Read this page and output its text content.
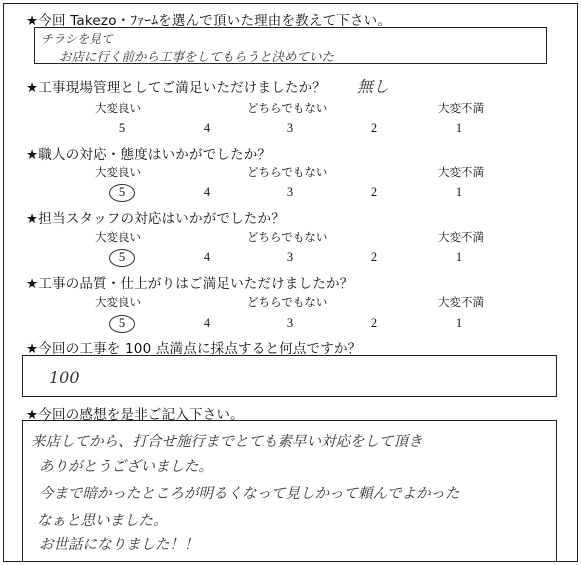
★今回 Takezo・ﾌｧｰﾑを選んで頂いた理由を教えて下さい。
チラシを見て
お店に行く前から工事をしてもらうと決めていた
★工事現場管理としてご満足いただけましたか？ 無し
大変良い	どちらでもない	大変不満
5	4	3	2	1
★職人の対応・態度はいかがでしたか？
大変良い	どちらでもない	大変不満
5	4	3	2	1
★担当スタッフの対応はいかがでしたか？
大変良い	どちらでもない	大変不満
5	4	3	2	1
★工事の品質・仕上がりはご満足いただけましたか？
大変良い	どちらでもない	大変不満
5	4	3	2	1
★今回の工事を 100 点満点に採点すると何点ですか？
100
★今回の感想を是非ご記入下さい。
来店してから、打合せ施行までとても素早い対応をして頂き
ありがとうございました。
今まで暗かったところが明るくなって見しかって頼んでよかった
なぁと思いました。
お世話になりました！！
